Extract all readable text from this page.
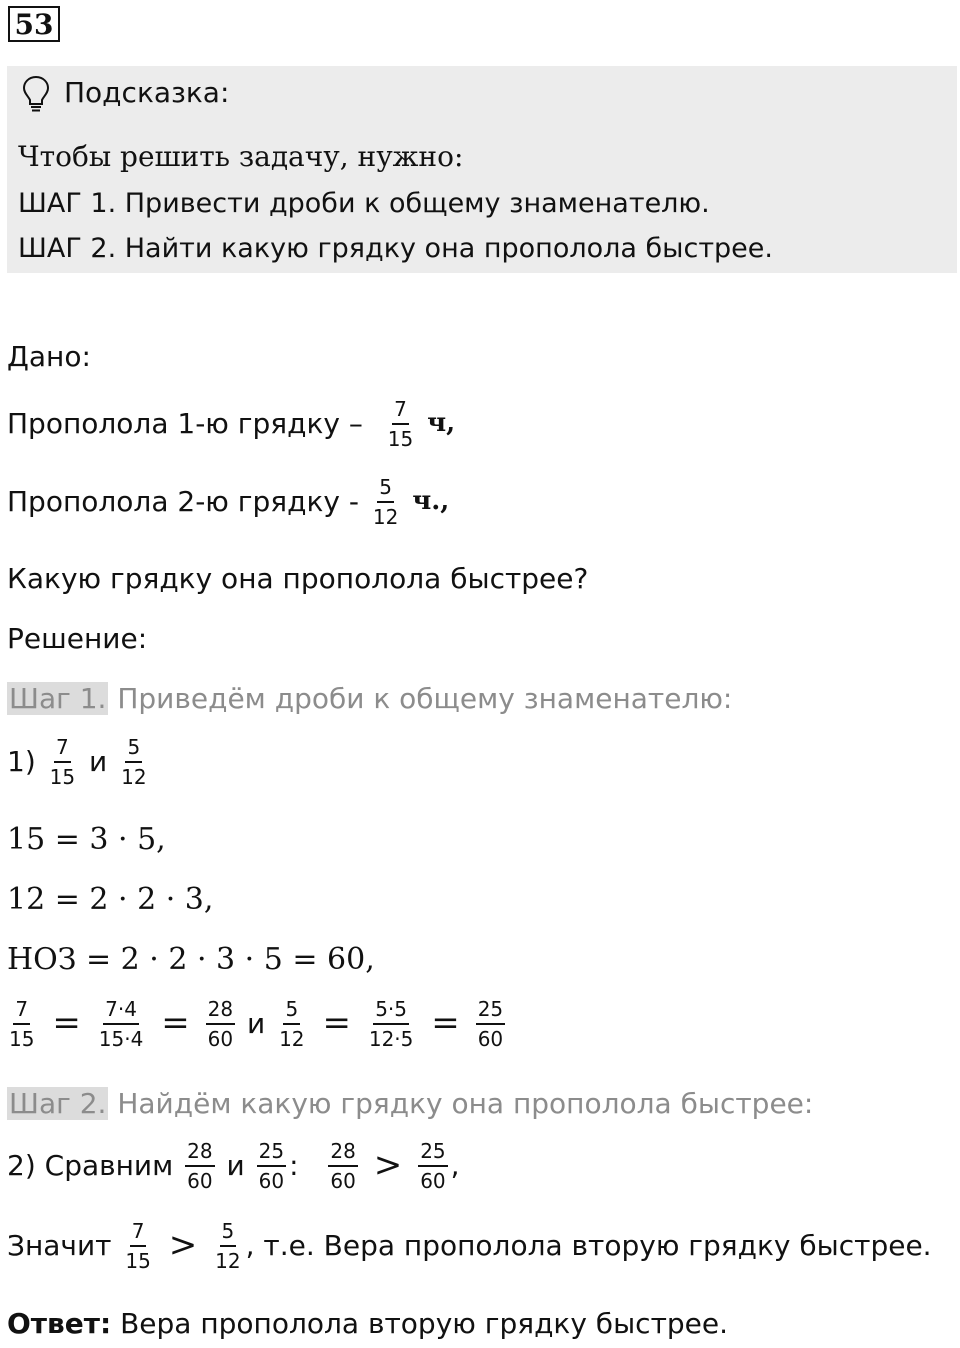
53
Подсказка:
Чтобы решить задачу, нужно:
ШАГ 1. Привести дроби к общему знаменателю.
ШАГ 2. Найти какую грядку она прополола быстрее.
Дано:
Прополола 1-ю грядку – $\frac{7}{15} ч$,
Прополола 2-ю грядку - $\frac{5}{12} ч$.,
Какую грядку она прополола быстрее?
Решение:
Шаг 1. Приведём дроби к общему знаменателю:
$1) \frac{7}{15}$ и $\frac{5}{12}$
15 = 3 · 5,
12 = 2 · 2 · 3,
НОЗ = 2 · 2 · 3 · 5 = 60,
$\frac{7}{15} = \frac{7\cdot 4}{15\cdot 4} = \frac{28}{60}$ и $\frac{5}{12} = \frac{5\cdot 5}{12\cdot 5} = \frac{25}{60}$
Шаг 2. Найдём какую грядку она прополола быстрее:
2) Сравним $\frac{28}{60}$ и $\frac{25}{60}$ : $\frac{28}{60} > \frac{25}{60}$ ,
Значит $\frac{7}{15} > \frac{5}{12}$ , т.е. Вера прополола вторую грядку быстрее.
Ответ: Вера прополола вторую грядку быстрее.
